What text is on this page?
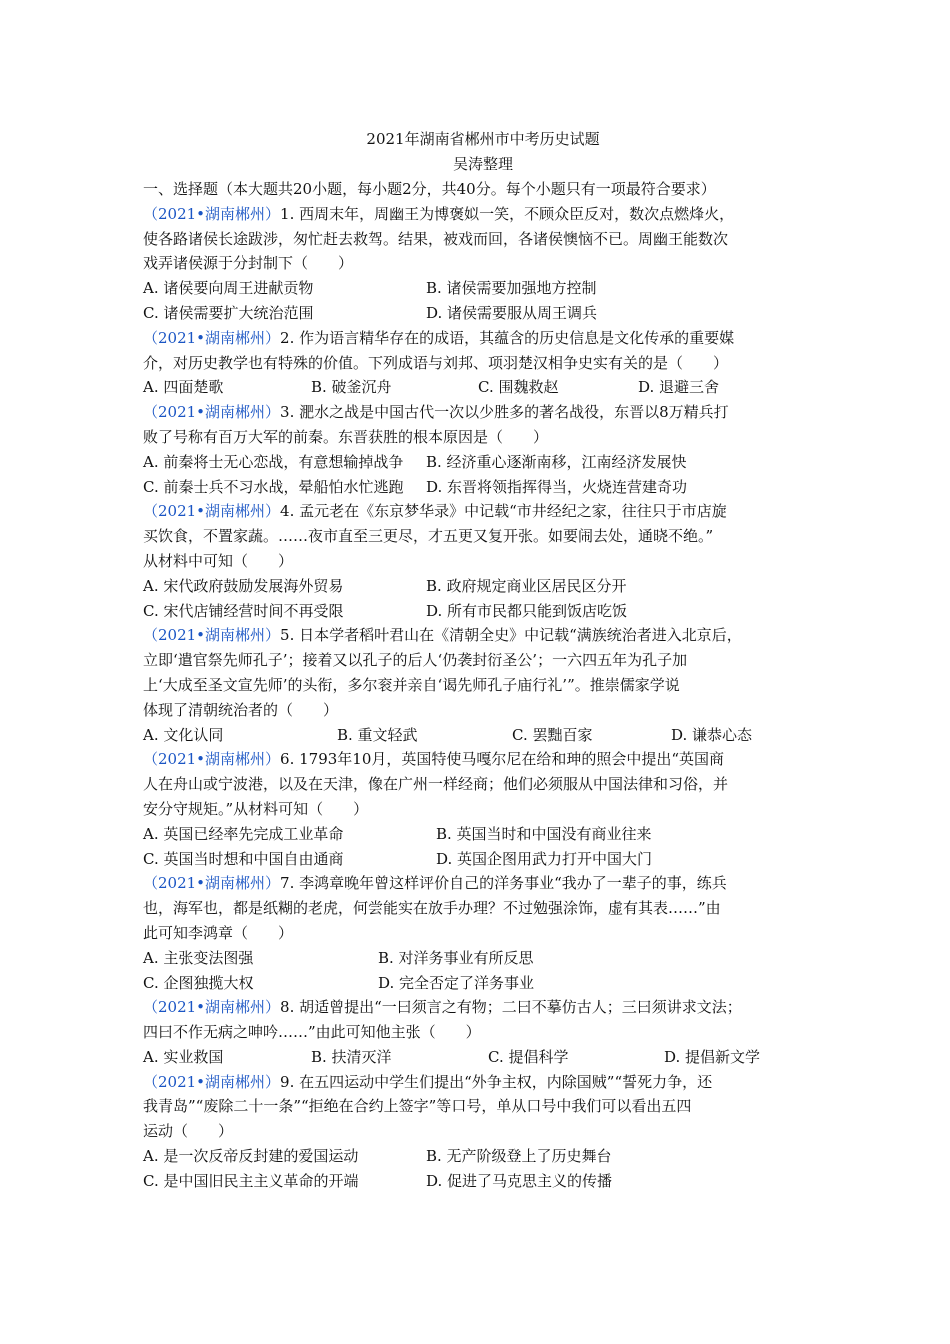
2021年湖南省郴州市中考历史试题
吴涛整理
一、选择题（本大题共20小题，每小题2分，共40分。每个小题只有一项最符合要求）
（2021•湖南郴州）1. 西周末年，周幽王为博褒姒一笑，不顾众臣反对，数次点燃烽火，
使各路诸侯长途跋涉，匆忙赶去救驾。结果，被戏而回，各诸侯懊恼不已。周幽王能数次
戏弄诸侯源于分封制下（　　）
A. 诸侯要向周王进献贡物	B. 诸侯需要加强地方控制
C. 诸侯需要扩大统治范围	D. 诸侯需要服从周王调兵
（2021•湖南郴州）2. 作为语言精华存在的成语，其蕴含的历史信息是文化传承的重要媒
介，对历史教学也有特殊的价值。下列成语与刘邦、项羽楚汉相争史实有关的是（　　）
A. 四面楚歌	B. 破釜沉舟	C. 围魏救赵	D. 退避三舍
（2021•湖南郴州）3. 淝水之战是中国古代一次以少胜多的著名战役，东晋以8万精兵打
败了号称有百万大军的前秦。东晋获胜的根本原因是（　　）
A. 前秦将士无心恋战，有意想输掉战争	B. 经济重心逐渐南移，江南经济发展快
C. 前秦士兵不习水战，晕船怕水忙逃跑	D. 东晋将领指挥得当，火烧连营建奇功
（2021•湖南郴州）4. 孟元老在《东京梦华录》中记载“市井经纪之家，往往只于市店旋
买饮食，不置家蔬。……夜市直至三更尽，才五更又复开张。如要闹去处，通晓不绝。”
从材料中可知（　　）
A. 宋代政府鼓励发展海外贸易	B. 政府规定商业区居民区分开
C. 宋代店铺经营时间不再受限	D. 所有市民都只能到饭店吃饭
（2021•湖南郴州）5. 日本学者稻叶君山在《清朝全史》中记载“满族统治者进入北京后，
立即‘遣官祭先师孔子’；接着又以孔子的后人‘仍袭封衍圣公’；一六四五年为孔子加
上‘大成至圣文宣先师’的头衔，多尔衮并亲自‘谒先师孔子庙行礼’”。推崇儒家学说
体现了清朝统治者的（　　）
A. 文化认同	B. 重文轻武	C. 罢黜百家	D. 谦恭心态
（2021•湖南郴州）6. 1793年10月，英国特使马嘎尔尼在给和珅的照会中提出“英国商
人在舟山或宁波港，以及在天津，像在广州一样经商；他们必须服从中国法律和习俗，并
安分守规矩。”从材料可知（　　）
A. 英国已经率先完成工业革命	B. 英国当时和中国没有商业往来
C. 英国当时想和中国自由通商	D. 英国企图用武力打开中国大门
（2021•湖南郴州）7. 李鸿章晚年曾这样评价自己的洋务事业“我办了一辈子的事，练兵
也，海军也，都是纸糊的老虎，何尝能实在放手办理？不过勉强涂饰，虚有其表……”由
此可知李鸿章（　　）
A. 主张变法图强	B. 对洋务事业有所反思
C. 企图独揽大权	D. 完全否定了洋务事业
（2021•湖南郴州）8. 胡适曾提出“一曰须言之有物；二曰不摹仿古人；三曰须讲求文法；
四曰不作无病之呻吟……”由此可知他主张（　　）
A. 实业救国	B. 扶清灭洋	C. 提倡科学	D. 提倡新文学
（2021•湖南郴州）9. 在五四运动中学生们提出“外争主权，内除国贼”“誓死力争，还
我青岛”“废除二十一条”“拒绝在合约上签字”等口号，单从口号中我们可以看出五四
运动（　　）
A. 是一次反帝反封建的爱国运动	B. 无产阶级登上了历史舞台
C. 是中国旧民主主义革命的开端	D. 促进了马克思主义的传播
